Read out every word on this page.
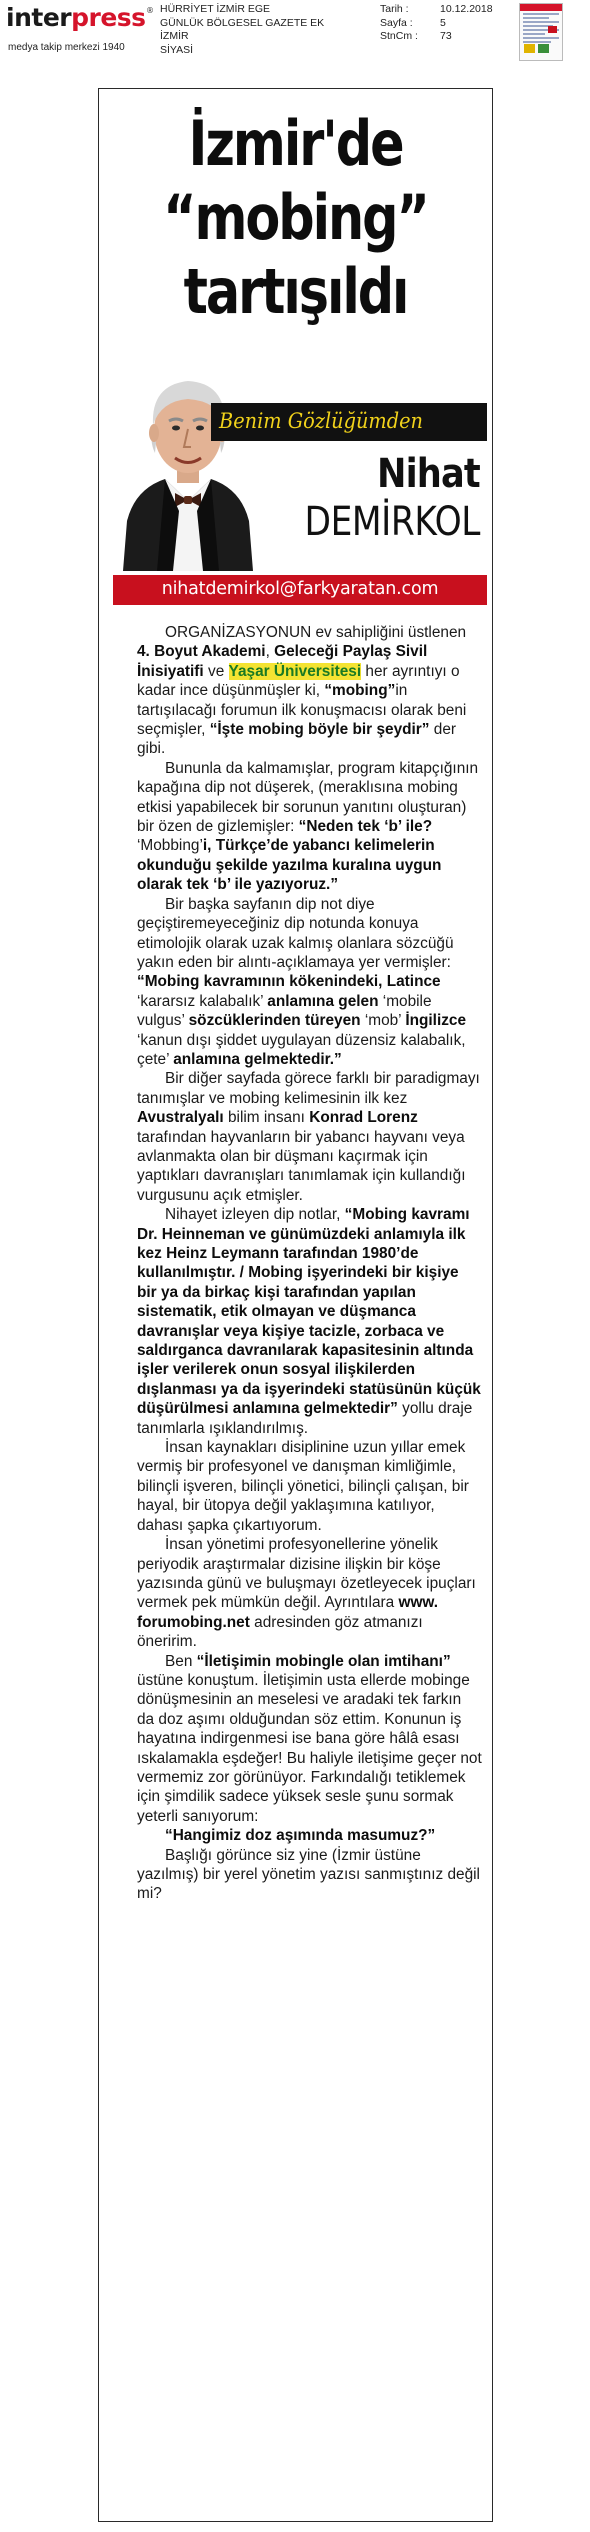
interpress ®
medya takip merkezi 1940
HÜRRİYET İZMİR EGE
GÜNLÜK BÖLGESEL GAZETE EK
İZMİR
SİYASİ
Tarih :	10.12.2018
Sayfa :	5
StnCm :	73
İzmir'de
“mobing”
tartışıldı
Benim Gözlüğümden
Nihat
DEMİRKOL
nihatdemirkol@farkyaratan.com

ORGANİZASYONUN ev sahipliğini üstlenen 4. Boyut Akademi, Geleceği Paylaş Sivil İnisiyatifi ve Yaşar Üniversitesi her ayrıntıyı o kadar ince düşünmüşler ki, “mobing”in tartışılacağı forumun ilk konuşmacısı olarak beni seçmişler, “İşte mobing böyle bir şeydir” der gibi.

Bununla da kalmamışlar, program kitapçığının kapağına dip not düşerek, (meraklısına mobing etkisi yapabilecek bir sorunun yanıtını oluşturan) bir özen de gizlemişler: “Neden tek ‘b’ ile? ‘Mobbing’i, Türkçe’de yabancı kelimelerin okunduğu şekilde yazılma kuralına uygun olarak tek ‘b’ ile yazıyoruz.”

Bir başka sayfanın dip not diye geçiştiremeyeceğiniz dip notunda konuya etimolojik olarak uzak kalmış olanlara sözcüğü yakın eden bir alıntı-açıklamaya yer vermişler: “Mobing kavramının kökenindeki, Latince ‘kararsız kalabalık’ anlamına gelen ‘mobile vulgus’ sözcüklerinden türeyen ‘mob’ İngilizce ‘kanun dışı şiddet uygulayan düzensiz kalabalık, çete’ anlamına gelmektedir.”

Bir diğer sayfada görece farklı bir paradigmayı tanımışlar ve mobing kelimesinin ilk kez Avustralyalı bilim insanı Konrad Lorenz tarafından hayvanların bir yabancı hayvanı veya avlanmakta olan bir düşmanı kaçırmak için yaptıkları davranışları tanımlamak için kullandığı vurgusunu açık etmişler.

Nihayet izleyen dip notlar, “Mobing kavramı Dr. Heinneman ve günümüzdeki anlamıyla ilk kez Heinz Leymann tarafından 1980’de kullanılmıştır. / Mobing işyerindeki bir kişiye bir ya da birkaç kişi tarafından yapılan sistematik, etik olmayan ve düşmanca davranışlar veya kişiye tacizle, zorbaca ve saldırganca davranılarak kapasitesinin altında işler verilerek onun sosyal ilişkilerden dışlanması ya da işyerindeki statüsünün küçük düşürülmesi anlamına gelmektedir” yollu draje tanımlarla ışıklandırılmış.

İnsan kaynakları disiplinine uzun yıllar emek vermiş bir profesyonel ve danışman kimliğimle, bilinçli işveren, bilinçli yönetici, bilinçli çalışan, bir hayal, bir ütopya değil yaklaşımına katılıyor, dahası şapka çıkartıyorum.

İnsan yönetimi profesyonellerine yönelik periyodik araştırmalar dizisine ilişkin bir köşe yazısında günü ve buluşmayı özetleyecek ipuçları vermek pek mümkün değil. Ayrıntılara www. forumobing.net adresinden göz atmanızı öneririm.

Ben “İletişimin mobingle olan imtihanı” üstüne konuştum. İletişimin usta ellerde mobinge dönüşmesinin an meselesi ve aradaki tek farkın da doz aşımı olduğundan söz ettim. Konunun iş hayatına indirgenmesi ise bana göre hâlâ esası ıskalamakla eşdeğer! Bu haliyle iletişime geçer not vermemiz zor görünüyor. Farkındalığı tetiklemek için şimdilik sadece yüksek sesle şunu sormak yeterli sanıyorum:

“Hangimiz doz aşımında masumuz?”

Başlığı görünce siz yine (İzmir üstüne yazılmış) bir yerel yönetim yazısı sanmıştınız değil mi?
